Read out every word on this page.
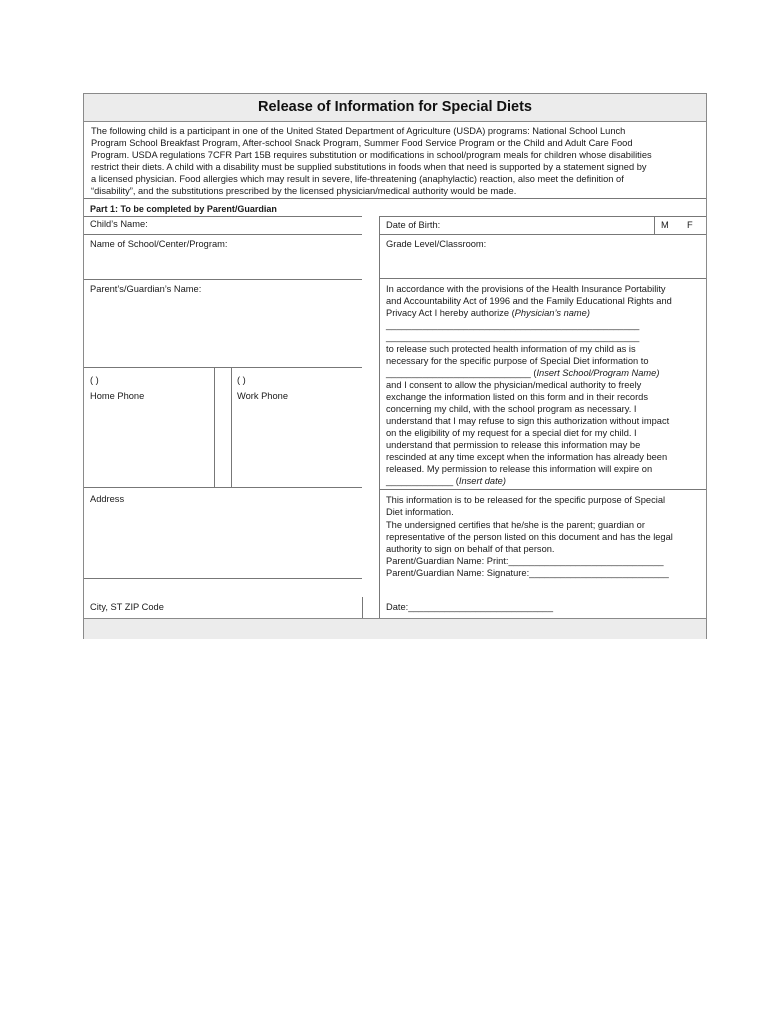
Release of Information for Special Diets
The following child is a participant in one of the United Stated Department of Agriculture (USDA) programs: National School Lunch
Program School Breakfast Program, After-school Snack Program, Summer Food Service Program or the Child and Adult Care Food
Program. USDA regulations 7CFR Part 15B requires substitution or modifications in school/program meals for children whose disabilities
restrict their diets. A child with a disability must be supplied substitutions in foods when that need is supported by a statement signed by
a licensed physician. Food allergies which may result in severe, life-threatening (anaphylactic) reaction, also meet the definition of
“disability”, and the substitutions prescribed by the licensed physician/medical authority would be made.
Part 1: To be completed by Parent/Guardian
Child’s Name:
Name of School/Center/Program:
Parent’s/Guardian’s Name:
( )	( )
Home Phone	Work Phone
Address
City, ST ZIP Code
Date of Birth:	M F
Grade Level/Classroom:
In accordance with the provisions of the Health Insurance Portability
and Accountability Act of 1996 and the Family Educational Rights and
Privacy Act I hereby authorize (Physician’s name)
_________________________________________________
_________________________________________________
to release such protected health information of my child as is
necessary for the specific purpose of Special Diet information to
____________________________ (Insert School/Program Name)
and I consent to allow the physician/medical authority to freely
exchange the information listed on this form and in their records
concerning my child, with the school program as necessary. I
understand that I may refuse to sign this authorization without impact
on the eligibility of my request for a special diet for my child. I
understand that permission to release this information may be
rescinded at any time except when the information has already been
released. My permission to release this information will expire on
_____________ (Insert date)
This information is to be released for the specific purpose of Special
Diet information.
The undersigned certifies that he/she is the parent; guardian or
representative of the person listed on this document and has the legal
authority to sign on behalf of that person.
Parent/Guardian Name: Print:______________________________
Parent/Guardian Name: Signature:___________________________
Date:____________________________
